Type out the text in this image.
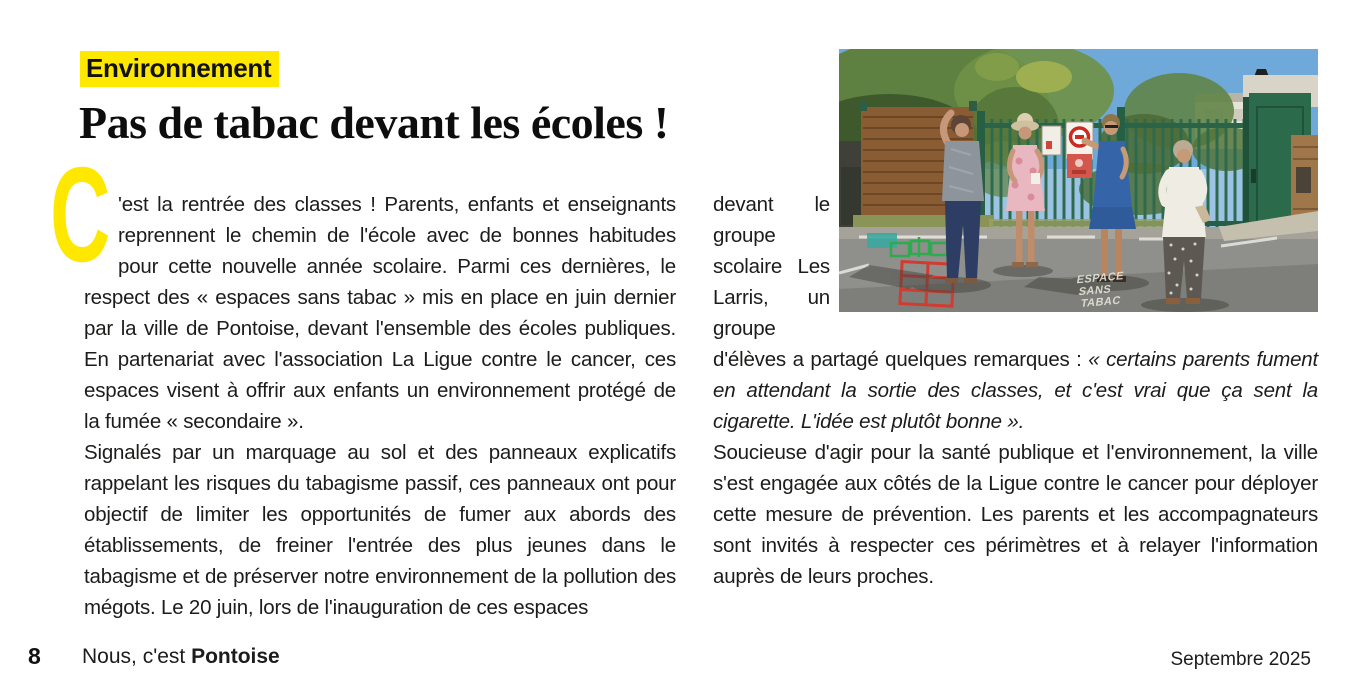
Environnement
Pas de tabac devant les écoles !
C 'est la rentrée des classes ! Parents, enfants et enseignants reprennent le chemin de l'école avec de bonnes habitudes pour cette nouvelle année scolaire. Parmi ces dernières, le respect des « espaces sans tabac » mis en place en juin dernier par la ville de Pontoise, devant l'ensemble des écoles publiques. En partenariat avec l'association La Ligue contre le cancer, ces espaces visent à offrir aux enfants un environnement protégé de la fumée « secondaire ».

Signalés par un marquage au sol et des panneaux explicatifs rappelant les risques du tabagisme passif, ces panneaux ont pour objectif de limiter les opportunités de fumer aux abords des établissements, de freiner l'entrée des plus jeunes dans le tabagisme et de préserver notre environnement de la pollution des mégots. Le 20 juin, lors de l'inauguration de ces espaces

devant le groupe scolaire Les Larris, un groupe d'élèves a partagé quelques remarques : « certains parents fument en attendant la sortie des classes, et c'est vrai que ça sent la cigarette. L'idée est plutôt bonne ».

Soucieuse d'agir pour la santé publique et l'environnement, la ville s'est engagée aux côtés de la Ligue contre le cancer pour déployer cette mesure de prévention. Les parents et les accompagnateurs sont invités à respecter ces périmètres et à relayer l'information auprès de leurs proches.

ESPACE
SANS
TABAC
8 Nous, c'est Pontoise	Septembre 2025
